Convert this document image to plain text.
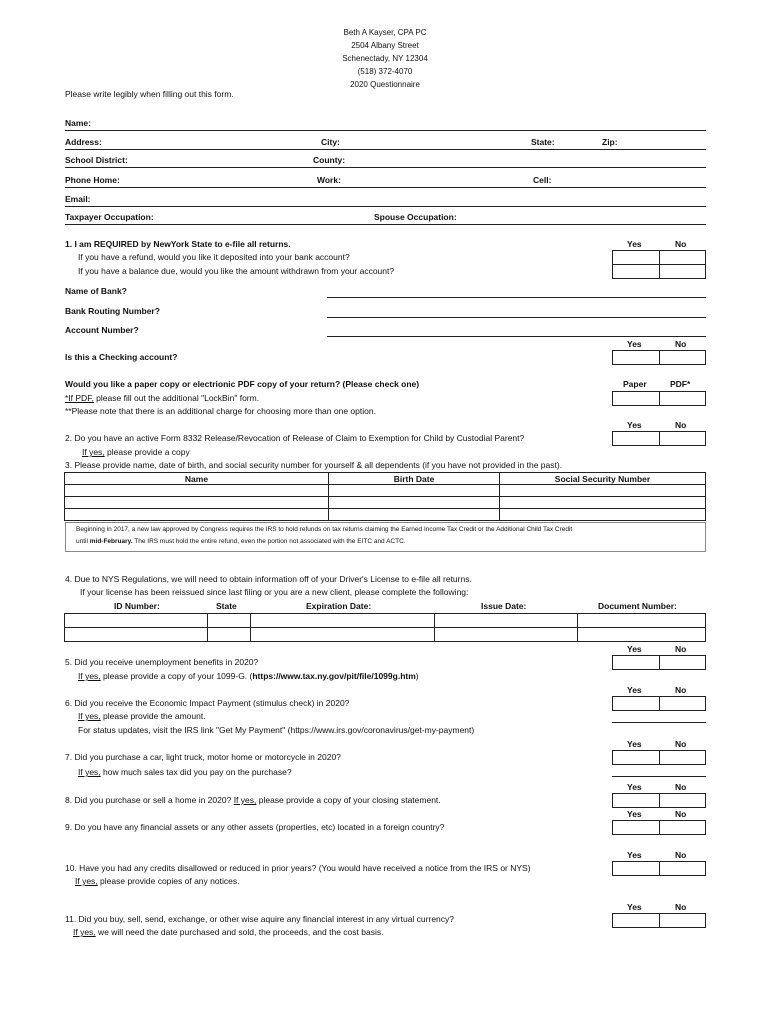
Beth A Kayser, CPA PC
2504 Albany Street
Schenectady, NY 12304
(518) 372-4070
2020 Questionnaire
Please write legibly when filling out this form.
Name:
Address:	City:	State:	Zip:
School District:	County:
Phone Home:	Work:	Cell:
Email:
Taxpayer Occupation:	Spouse Occupation:
1. I am REQUIRED by NewYork State to e-file all returns.
If you have a refund, would you like it deposited into your bank account?
If you have a balance due, would you like the amount withdrawn from your account?
Yes	No
Name of Bank?
Bank Routing Number?
Account Number?
Yes	No
Is this a Checking account?
Would you like a paper copy or electrionic PDF copy of your return? (Please check one)
*If PDF, please fill out the additional "LockBin" form.
**Please note that there is an additional charge for choosing more than one option.
Paper	PDF*
Yes	No
2. Do you have an active Form 8332 Release/Revocation of Release of Claim to Exemption for Child by Custodial Parent?
If yes, please provide a copy
3. Please provide name, date of birth, and social security number for yourself & all dependents (if you have not provided in the past).
Name	Birth Date	Social Security Number

Beginning in 2017, a new law approved by Congress requires the IRS to hold refunds on tax returns claiming the Earned Income Tax Credit or the Additional Child Tax Credit
until mid-February. The IRS must hold the entire refund, even the portion not associated with the EITC and ACTC.
4. Due to NYS Regulations, we will need to obtain information off of your Driver's License to e-file all returns.
If your license has been reissued since last filing or you are a new client, please complete the following:
ID Number:	State	Expiration Date:	Issue Date:	Document Number:

Yes	No
5. Did you receive unemployment benefits in 2020?
If yes, please provide a copy of your 1099-G. (https://www.tax.ny.gov/pit/file/1099g.htm)
Yes	No
6. Did you receive the Economic Impact Payment (stimulus check) in 2020?
If yes, please provide the amount.
For status updates, visit the IRS link "Get My Payment" (https://www.irs.gov/coronavirus/get-my-payment)
Yes	No
7. Did you purchase a car, light truck, motor home or motorcycle in 2020?
If yes, how much sales tax did you pay on the purchase?
Yes	No
8. Did you purchase or sell a home in 2020? If yes, please provide a copy of your closing statement.
Yes	No
9. Do you have any financial assets or any other assets (properties, etc) located in a foreign country?
Yes	No
10. Have you had any credits disallowed or reduced in prior years? (You would have received a notice from the IRS or NYS)
If yes, please provide copies of any notices.
Yes	No
11. Did you buy, sell, send, exchange, or other wise aquire any financial interest in any virtual currency?
If yes, we will need the date purchased and sold, the proceeds, and the cost basis.
